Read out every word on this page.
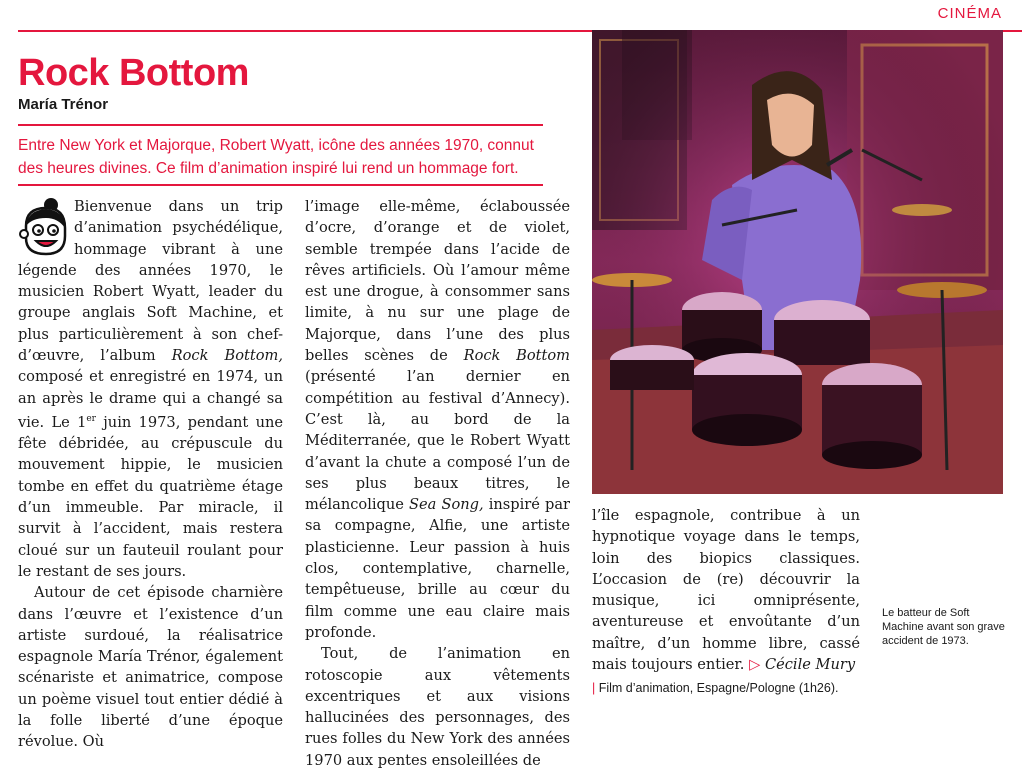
CINÉMA
Rock Bottom
María Trénor
Entre New York et Majorque, Robert Wyatt, icône des années 1970, connut des heures divines. Ce film d’animation inspiré lui rend un hommage fort.

Bienvenue dans un trip d’animation psychédélique, hommage vibrant à une légende des années 1970, le musicien Robert Wyatt, leader du groupe anglais Soft Machine, et plus particulièrement à son chef-d’œuvre, l’album Rock Bottom, composé et enregistré en 1974, un an après le drame qui a changé sa vie. Le 1er juin 1973, pendant une fête débridée, au crépuscule du mouvement hippie, le musicien tombe en effet du quatrième étage d’un immeuble. Par miracle, il survit à l’accident, mais restera cloué sur un fauteuil roulant pour le restant de ses jours.

Autour de cet épisode charnière dans l’œuvre et l’existence d’un artiste surdoué, la réalisatrice espagnole María Trénor, également scénariste et animatrice, compose un poème visuel tout entier dédié à la folle liberté d’une époque révolue. Où

l’image elle-même, éclaboussée d’ocre, d’orange et de violet, semble trempée dans l’acide de rêves artificiels. Où l’amour même est une drogue, à consommer sans limite, à nu sur une plage de Majorque, dans l’une des plus belles scènes de Rock Bottom (présenté l’an dernier en compétition au festival d’Annecy). C’est là, au bord de la Méditerranée, que le Robert Wyatt d’avant la chute a composé l’un de ses plus beaux titres, le mélancolique Sea Song, inspiré par sa compagne, Alfie, une artiste plasticienne. Leur passion à huis clos, contemplative, charnelle, tempêtueuse, brille au cœur du film comme une eau claire mais profonde.

Tout, de l’animation en rotoscopie aux vêtements excentriques et aux visions hallucinées des personnages, des rues folles du New York des années 1970 aux pentes ensoleillées de

l’île espagnole, contribue à un hypnotique voyage dans le temps, loin des biopics classiques. L’occasion de (re) découvrir la musique, ici omniprésente, aventureuse et envoûtante d’un maître, d’un homme libre, cassé mais toujours entier. ▷ Cécile Mury

| Film d’animation, Espagne/Pologne (1h26).
Le batteur de Soft Machine avant son grave accident de 1973.
